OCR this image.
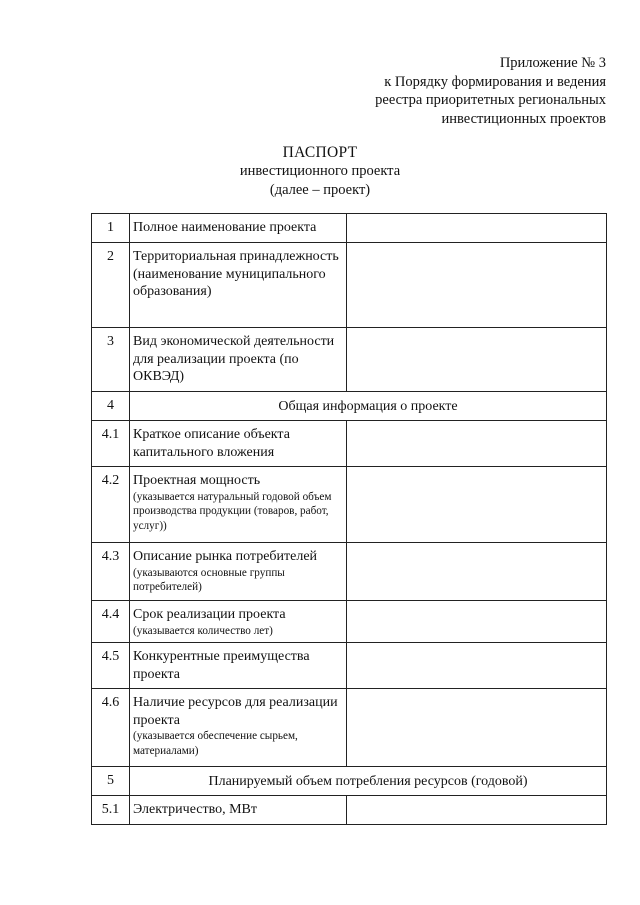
Приложение № 3
к Порядку формирования и ведения
реестра приоритетных региональных
инвестиционных проектов
ПАСПОРТ
инвестиционного проекта
(далее – проект)
1	Полное наименование проекта	
2	Территориальная принадлежность (наименование муниципального образования)	
3	Вид экономической деятельности для реализации проекта (по ОКВЭД)	
4	Общая информация о проекте	
4.1	Краткое описание объекта капитального вложения	
4.2	Проектная мощность
(указывается натуральный годовой объем производства продукции (товаров, работ, услуг))	

4.3	Описание рынка потребителей
(указываются основные группы потребителей)	

4.4	Срок реализации проекта
(указывается количество лет)	

4.5	Конкурентные преимущества проекта	
4.6	Наличие ресурсов для реализации проекта
(указывается обеспечение сырьем, материалами)	

5	Планируемый объем потребления ресурсов (годовой)	
5.1	Электричество, МВт	
